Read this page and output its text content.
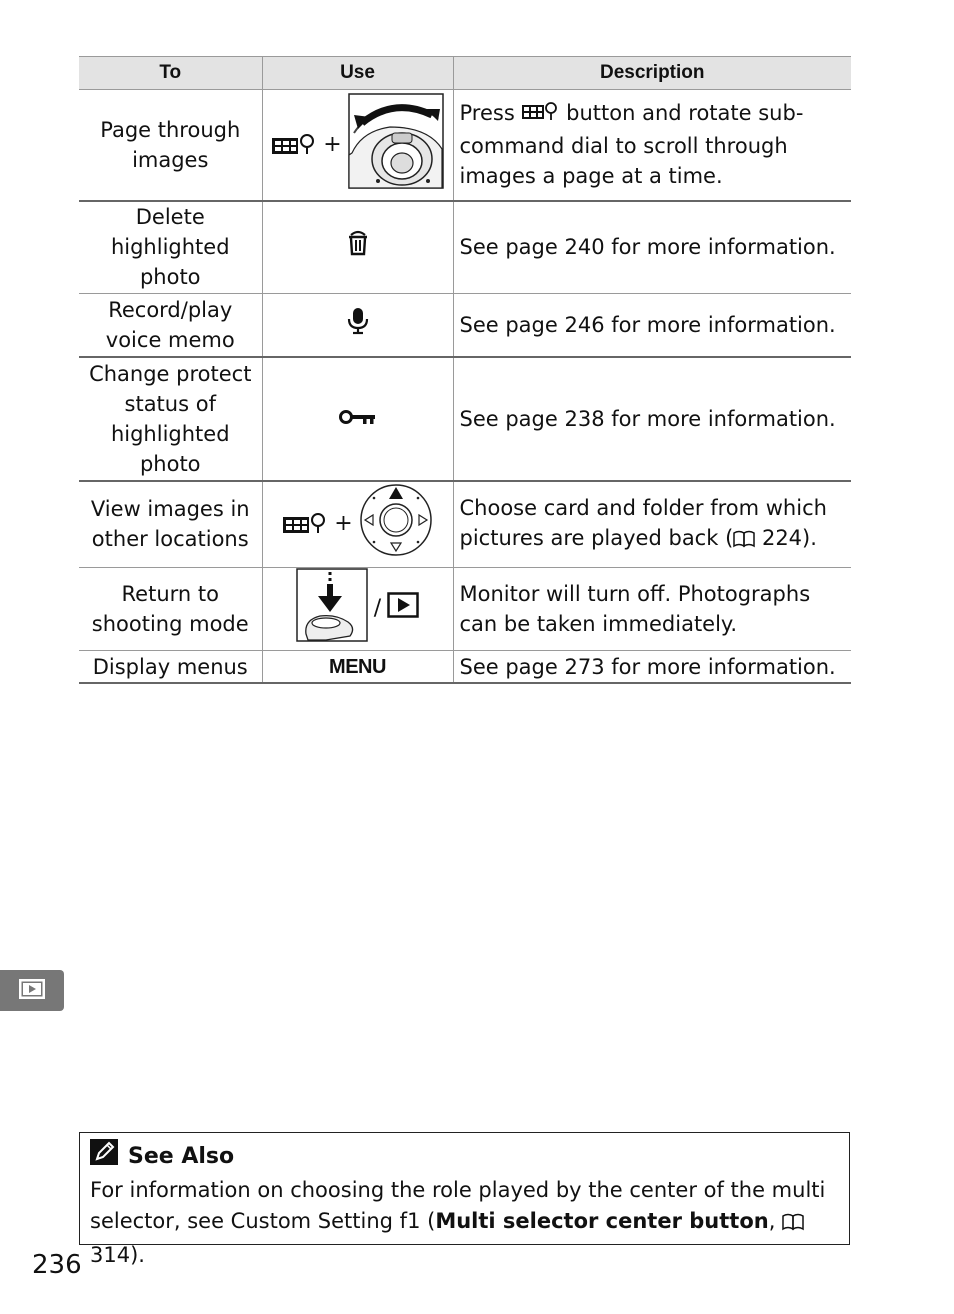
To	Use	Description
Page through images	+	Press button and rotate sub-command dial to scroll through images a page at a time.
Delete highlighted photo		See page 240 for more information.
Record/play voice memo		See page 246 for more information.
Change protect status of highlighted photo		See page 238 for more information.
View images in other locations	+	Choose card and folder from which pictures are played back ( 224).
Return to shooting mode	/	Monitor will turn off. Photographs can be taken immediately.
Display menus	MENU	See page 273 for more information.
See Also
For information on choosing the role played by the center of the multi selector, see Custom Setting f1 (Multi selector center button,  314).
236
